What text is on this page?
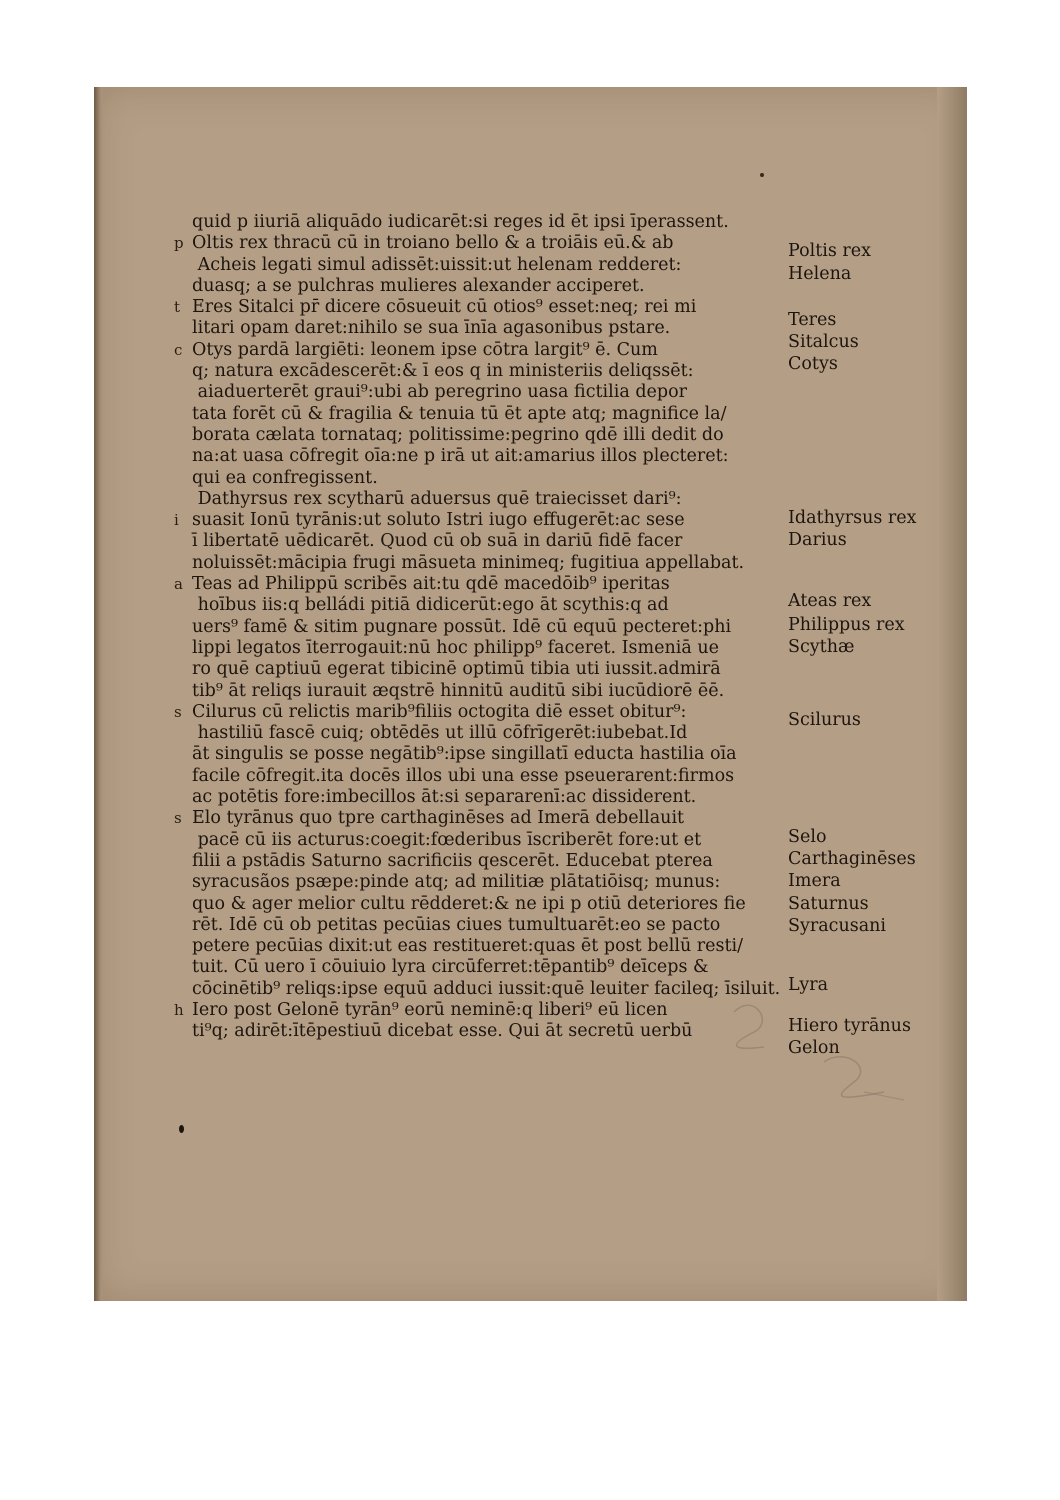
quid p iiuriā aliquādo iudicarēt:si reges id ēt ipsi īperassent.
p Oltis rex thracū cū in troiano bello & a troiāis eū.& ab
Acheis legati simul adissēt:uissit:ut helenam redderet:
duasq; a se pulchras mulieres alexander acciperet.
t Eres Sitalci pr̄ dicere cōsueuit cū otios⁹ esset:neq; rei mi
litari opam daret:nihilo se sua īnīa agasonibus pstare.
c Otys pardā largiēti: leonem ipse cōtra largit⁹ ē. Cum
q; natura excādescerēt:& ī eos q in ministeriis deliqssēt:
aiaduerterēt graui⁹:ubi ab peregrino uasa fictilia depor
tata forēt cū & fragilia & tenuia tū ēt apte atq; magnifice la/
borata cælata tornataq; politissime:pegrino qdē illi dedit do
na:at uasa cōfregit oīa:ne p irā ut ait:amarius illos plecteret:
qui ea confregissent.
Dathyrsus rex scytharū aduersus quē traiecisset dari⁹:
i suasit Ionū tyrānis:ut soluto Istri iugo effugerēt:ac sese
ī libertatē uēdicarēt. Quod cū ob suā in dariū fidē facer
noluissēt:mācipia frugi māsueta minimeq; fugitiua appellabat.
a Teas ad Philippū scribēs ait:tu qdē macedōib⁹ iperitas
hoībus iis:q belládi pitiā didicerūt:ego āt scythis:q ad
uers⁹ famē & sitim pugnare possūt. Idē cū equū pecteret:phi
lippi legatos īterrogauit:nū hoc philipp⁹ faceret. Ismeniā ue
ro quē captiuū egerat tibicinē optimū tibia uti iussit.admirā
tib⁹ āt reliqs iurauit æqstrē hinnitū auditū sibi iucūdiorē ēē.
s Cilurus cū relictis marib⁹filiis octogita diē esset obitur⁹:
hastiliū fascē cuiq; obtēdēs ut illū cōfrīgerēt:iubebat.Id
āt singulis se posse negātib⁹:ipse singillatī educta hastilia oīa
facile cōfregit.ita docēs illos ubi una esse pseuerarent:firmos
ac potētis fore:imbecillos āt:si separarenī:ac dissiderent.
s Elo tyrānus quo tpre carthaginēses ad Imerā debellauit
pacē cū iis acturus:coegit:fœderibus īscriberēt fore:ut et
filii a pstādis Saturno sacrificiis qescerēt. Educebat ptereа
syracusãos psæpe:pinde atq; ad militiæ plātatiōisq; munus:
quo & ager melior cultu rēdderet:& ne ipi p otiū deteriores fie
rēt. Idē cū ob petitas pecūias ciues tumultuarēt:eo se pacto
petere pecūias dixit:ut eas restitueret:quas ēt post bellū resti/
tuit. Cū uero ī cōuiuio lyra circūferret:tēpantib⁹ deīceps &
cōcinētib⁹ reliqs:ipse equū adduci iussit:quē leuiter facileq; īsiluit.
h Iero post Gelonē tyrān⁹ eorū neminē:q liberi⁹ eū licen
ti⁹q; adirēt:ītēpestiuū dicebat esse. Qui āt secretū uerbū
Poltis rex
Helena
Teres
Sitalcus
Cotys
Idathyrsus rex
Darius
Ateas rex
Philippus rex
Scythæ
Scilurus
Selo
Carthaginēses
Imera
Saturnus
Syracusani
Lyra
Hiero tyrānus
Gelon
